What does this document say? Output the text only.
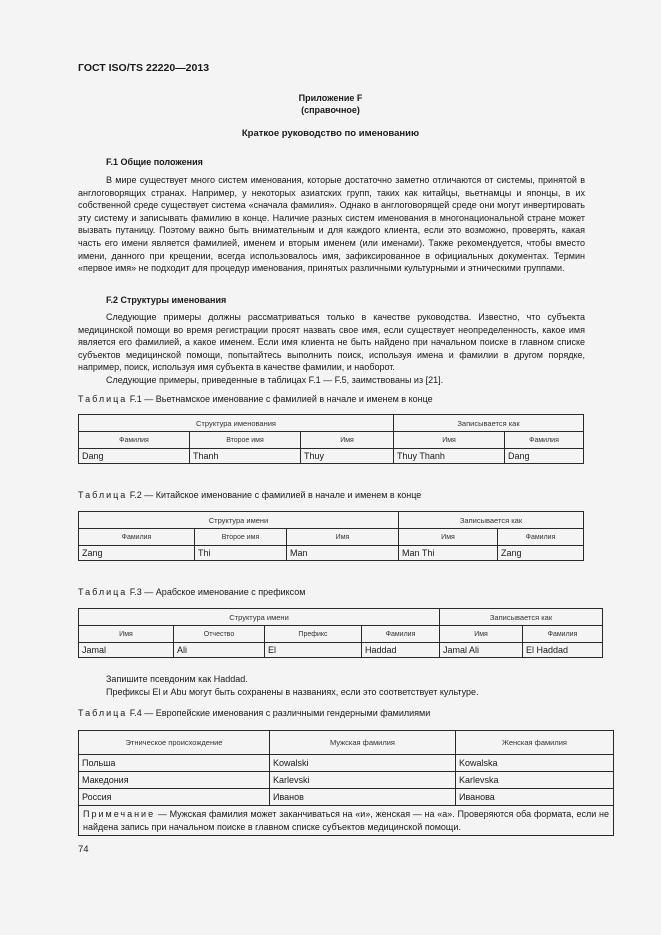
ГОСТ ISO/TS 22220—2013
Приложение F
(справочное)
Краткое руководство по именованию
F.1 Общие положения

В мире существует много систем именования, которые достаточно заметно отличаются от системы, принятой в англоговорящих странах. Например, у некоторых азиатских групп, таких как китайцы, вьетнамцы и японцы, в их собственной среде существует система «сначала фамилия». Однако в англоговорящей среде они могут инвертировать эту систему и записывать фамилию в конце. Наличие разных систем именования в многонациональной стране может вызвать путаницу. Поэтому важно быть внимательным и для каждого клиента, если это возможно, проверять, какая часть его имени является фамилией, именем и вторым именем (или именами). Также рекомендуется, чтобы вместо имени, данного при крещении, всегда использовалось имя, зафиксированное в официальных документах. Термин «первое имя» не подходит для процедур именования, принятых различными культурными и этническими группами.

F.2 Структуры именования

Следующие примеры должны рассматриваться только в качестве руководства. Известно, что субъекта медицинской помощи во время регистрации просят назвать свое имя, если существует неопределенность, какое имя является его фамилией, а какое именем. Если имя клиента не быть найдено при начальном поиске в главном списке субъектов медицинской помощи, попытайтесь выполнить поиск, используя имена и фамилии в другом порядке, например, поиск, используя имя субъекта в качестве фамилии, и наоборот.

Следующие примеры, приведенные в таблицах F.1 — F.5, заимствованы из [21].

Таблица F.1 — Вьетнамское именование с фамилией в начале и именем в конце
Структура именования			Записывается как	
Фамилия	Второе имя	Имя	Имя	Фамилия
Dang	Thanh	Thuy	Thuy Thanh	Dang
Таблица F.2 — Китайское именование с фамилией в начале и именем в конце
Структура имени			Записывается как	
Фамилия	Второе имя	Имя	Имя	Фамилия
Zang	Thi	Man	Man Thi	Zang
Таблица F.3 — Арабское именование с префиксом
Структура имени				Записывается как	
Имя	Отчество	Префикс	Фамилия	Имя	Фамилия
Jamal	Ali	El	Haddad	Jamal Ali	El Haddad
Запишите псевдоним как Haddad.
Префиксы El и Abu могут быть сохранены в названиях, если это соответствует культуре.
Таблица F.4 — Европейские именования с различными гендерными фамилиями
Этническое происхождение	Мужская фамилия	Женская фамилия
Польша	Kowalski	Kowalska
Македония	Karlevski	Karlevska
Россия	Иванов	Иванова
Примечание — Мужская фамилия может заканчиваться на «и», женская — на «а». Проверяются оба формата, если не найдена запись при начальном поиске в главном списке субъектов медицинской помощи.		
74
